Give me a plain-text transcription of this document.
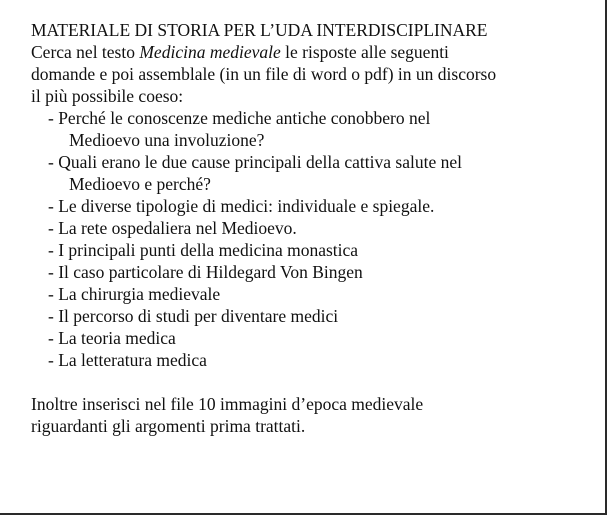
MATERIALE DI STORIA PER L’UDA INTERDISCIPLINARE
Cerca nel testo Medicina medievale le risposte alle seguenti
domande e poi assemblale (in un file di word o pdf) in un discorso
il più possibile coeso:
- Perché le conoscenze mediche antiche conobbero nel
Medioevo una involuzione?
- Quali erano le due cause principali della cattiva salute nel
Medioevo e perché?
- Le diverse tipologie di medici: individuale e spiegale.
- La rete ospedaliera nel Medioevo.
- I principali punti della medicina monastica
- Il caso particolare di Hildegard Von Bingen
- La chirurgia medievale
- Il percorso di studi per diventare medici
- La teoria medica
- La letteratura medica
Inoltre inserisci nel file 10 immagini d’epoca medievale
riguardanti gli argomenti prima trattati.
